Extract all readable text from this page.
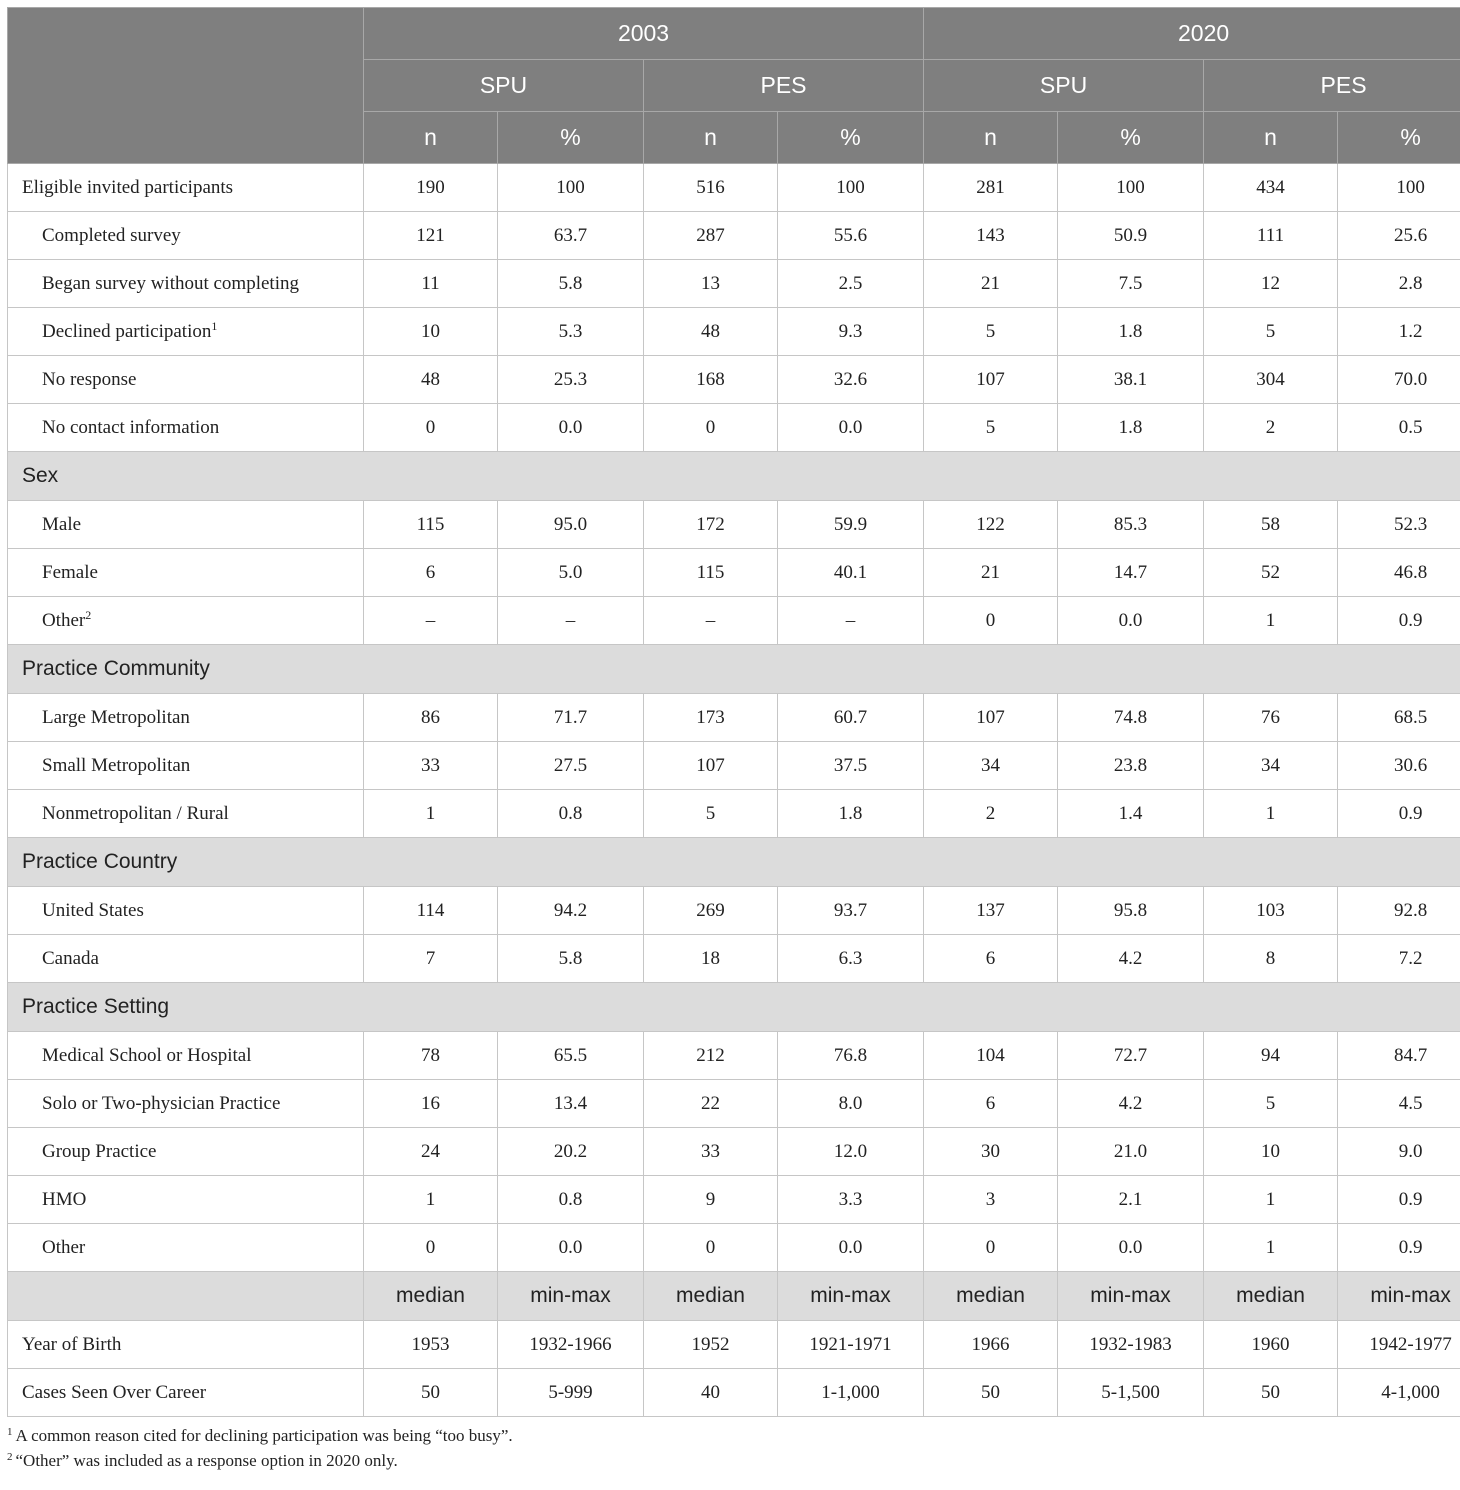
	2003				2020			
	SPU		PES		SPU		PES	
	n	%	n	%	n	%	n	%
Eligible invited participants	190	100	516	100	281	100	434	100
Completed survey	121	63.7	287	55.6	143	50.9	111	25.6
Began survey without completing	11	5.8	13	2.5	21	7.5	12	2.8
Declined participation$^1$	10	5.3	48	9.3	5	1.8	5	1.2
No response	48	25.3	168	32.6	107	38.1	304	70.0
No contact information	0	0.0	0	0.0	5	1.8	2	0.5
Sex								
Male	115	95.0	172	59.9	122	85.3	58	52.3
Female	6	5.0	115	40.1	21	14.7	52	46.8
Other$^2$	–	–	–	–	0	0.0	1	0.9
Practice Community								
Large Metropolitan	86	71.7	173	60.7	107	74.8	76	68.5
Small Metropolitan	33	27.5	107	37.5	34	23.8	34	30.6
Nonmetropolitan / Rural	1	0.8	5	1.8	2	1.4	1	0.9
Practice Country								
United States	114	94.2	269	93.7	137	95.8	103	92.8
Canada	7	5.8	18	6.3	6	4.2	8	7.2
Practice Setting								
Medical School or Hospital	78	65.5	212	76.8	104	72.7	94	84.7
Solo or Two-physician Practice	16	13.4	22	8.0	6	4.2	5	4.5
Group Practice	24	20.2	33	12.0	30	21.0	10	9.0
HMO	1	0.8	9	3.3	3	2.1	1	0.9
Other	0	0.0	0	0.0	0	0.0	1	0.9
	median	min-max	median	min-max	median	min-max	median	min-max
Year of Birth	1953	1932-1966	1952	1921-1971	1966	1932-1983	1960	1942-1977
Cases Seen Over Career	50	5-999	40	1-1,000	50	5-1,500	50	4-1,000
$^1$ A common reason cited for declining participation was being “too busy”.
$^2$ “Other” was included as a response option in 2020 only.
